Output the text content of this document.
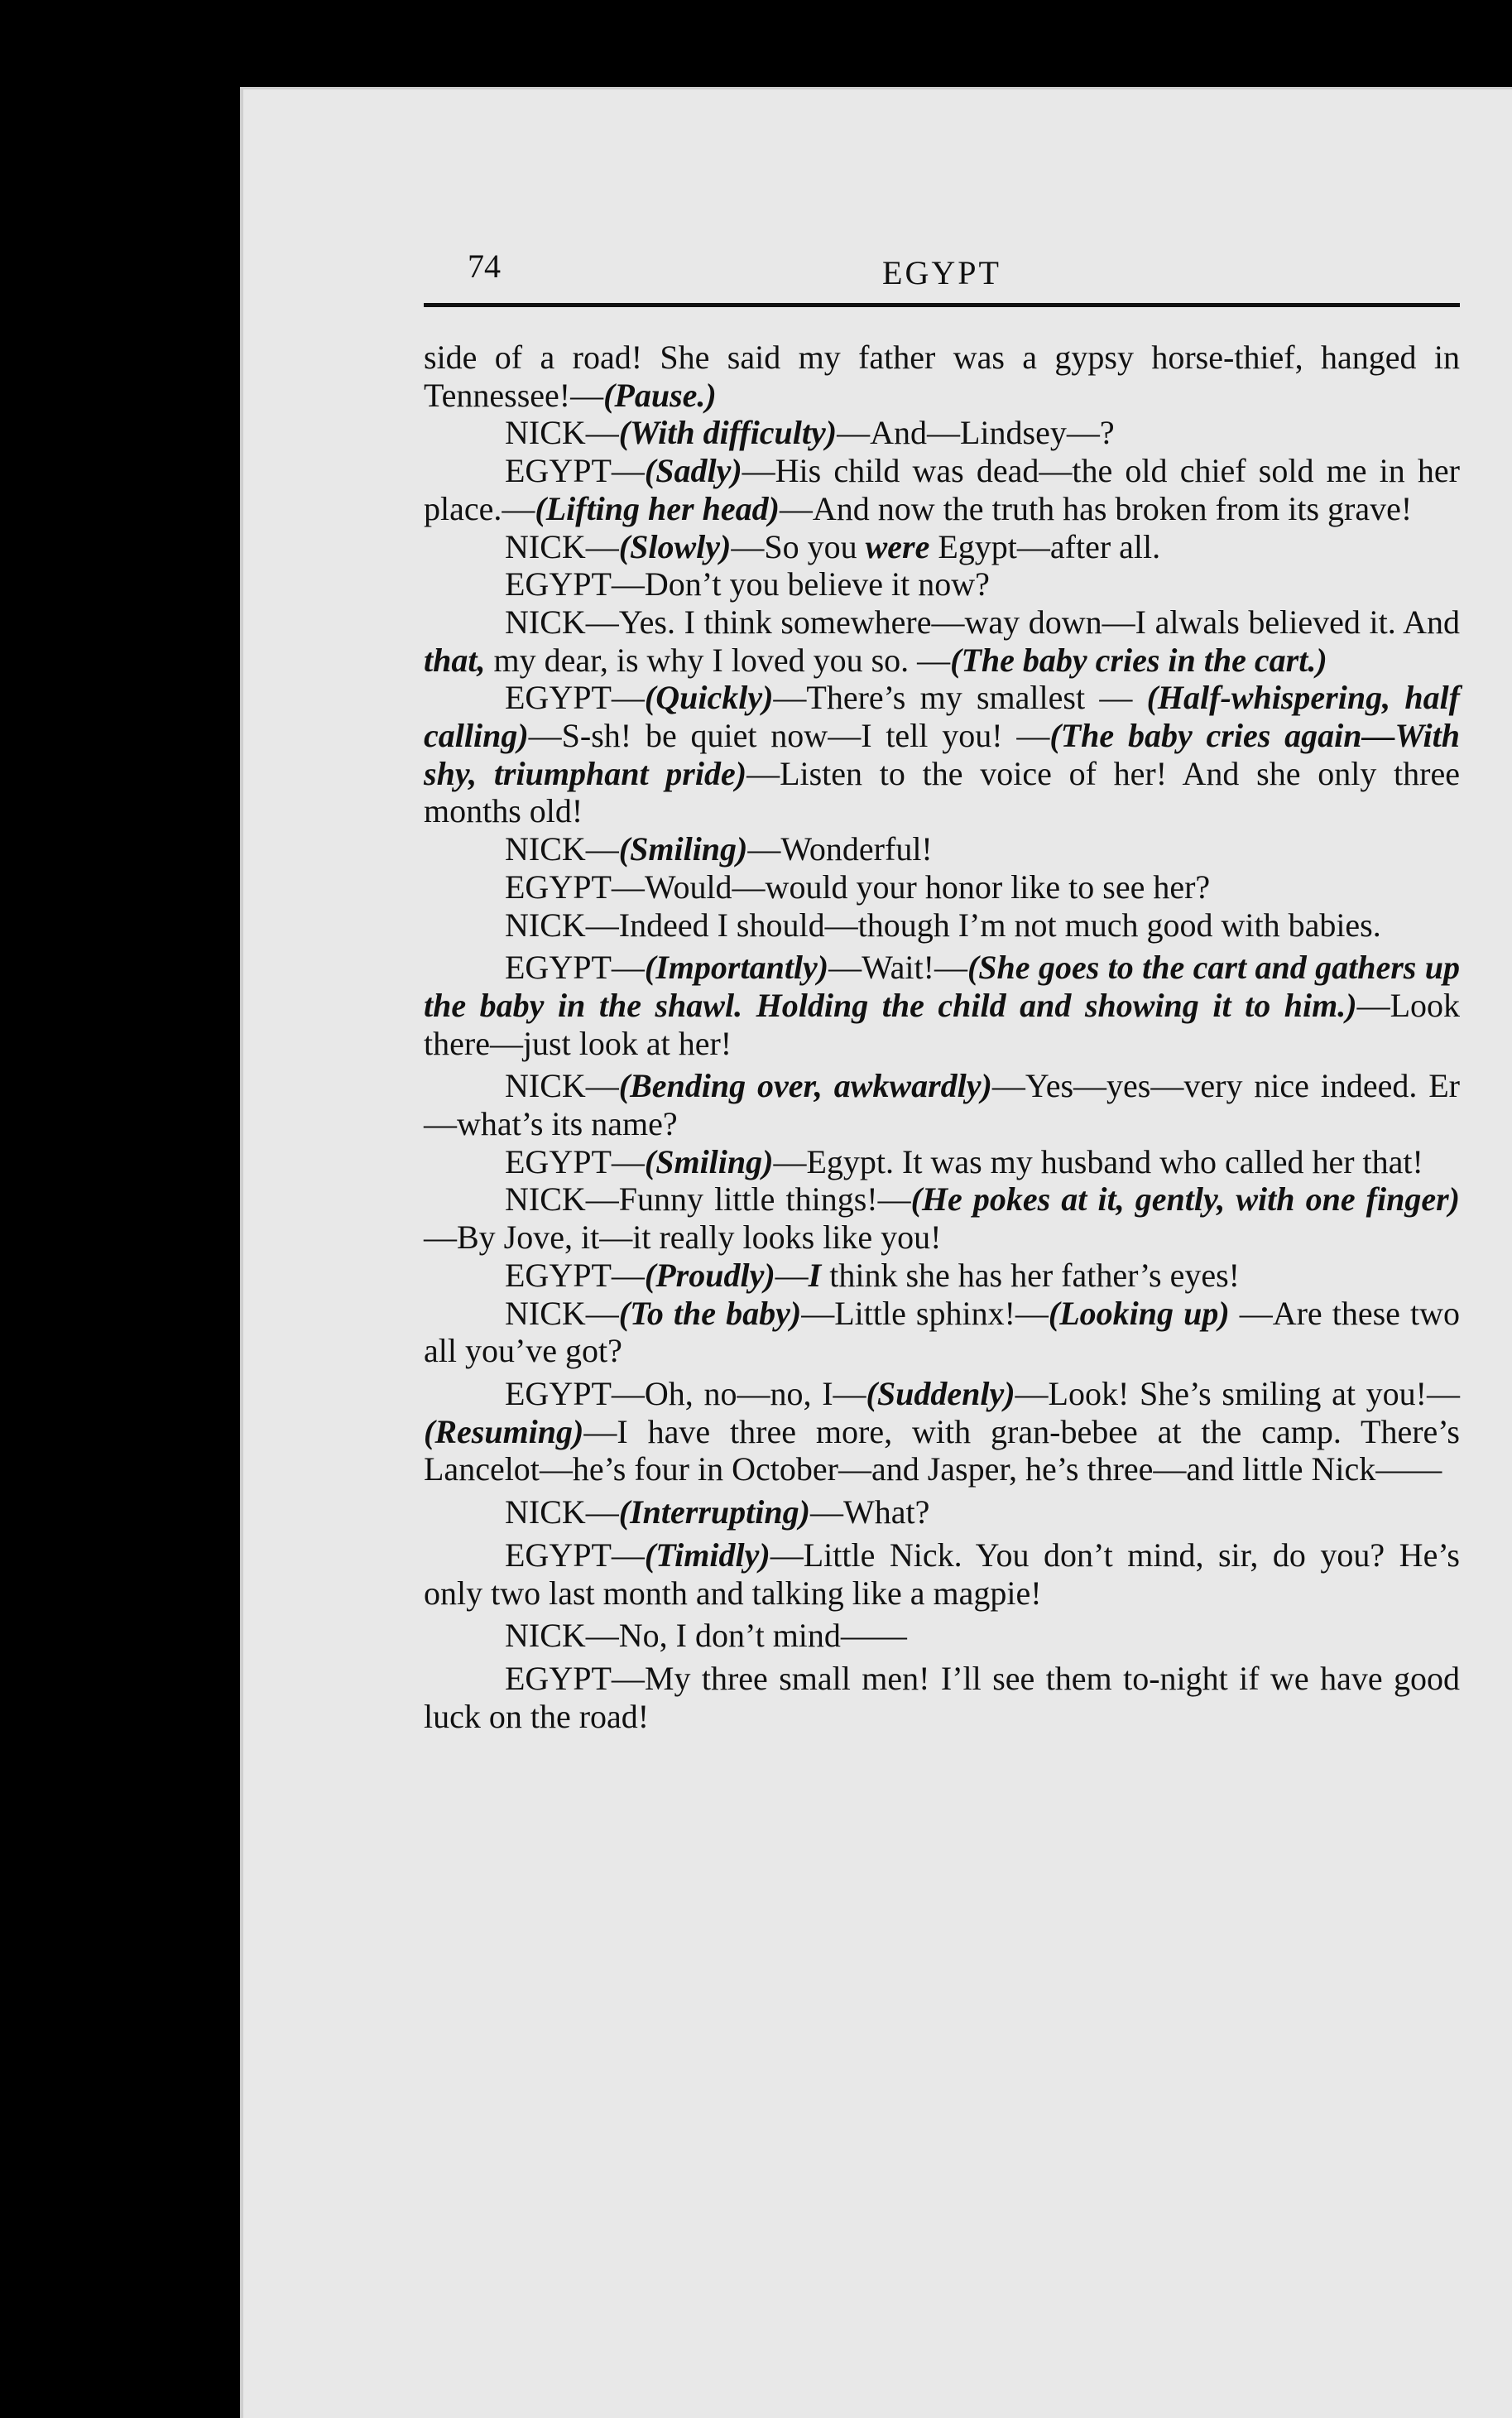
74	EGYPT

side of a road! She said my father was a gypsy horse-thief, hanged in Tennessee!—(Pause.)

NICK—(With difficulty)—And—Lindsey—?

EGYPT—(Sadly)—His child was dead—the old chief sold me in her place.—(Lifting her head)—And now the truth has broken from its grave!

NICK—(Slowly)—So you were Egypt—after all.

EGYPT—Don’t you believe it now?

NICK—Yes. I think somewhere—way down—I alwals believed it. And that, my dear, is why I loved you so. —(The baby cries in the cart.)

EGYPT—(Quickly)—There’s my smallest — (Half-whispering, half calling)—S-sh! be quiet now—I tell you! —(The baby cries again—With shy, triumphant pride)—Listen to the voice of her! And she only three months old!

NICK—(Smiling)—Wonderful!

EGYPT—Would—would your honor like to see her?

NICK—Indeed I should—though I’m not much good with babies.

EGYPT—(Importantly)—Wait!—(She goes to the cart and gathers up the baby in the shawl. Holding the child and showing it to him.)—Look there—just look at her!

NICK—(Bending over, awkwardly)—Yes—yes—very nice indeed. Er—what’s its name?

EGYPT—(Smiling)—Egypt. It was my husband who called her that!

NICK—Funny little things!—(He pokes at it, gently, with one finger)—By Jove, it—it really looks like you!

EGYPT—(Proudly)—I think she has her father’s eyes!

NICK—(To the baby)—Little sphinx!—(Looking up) —Are these two all you’ve got?

EGYPT—Oh, no—no, I—(Suddenly)—Look! She’s smiling at you!—(Resuming)—I have three more, with gran-bebee at the camp. There’s Lancelot—he’s four in October—and Jasper, he’s three—and little Nick——

NICK—(Interrupting)—What?

EGYPT—(Timidly)—Little Nick. You don’t mind, sir, do you? He’s only two last month and talking like a magpie!

NICK—No, I don’t mind——

EGYPT—My three small men! I’ll see them to-night if we have good luck on the road!
